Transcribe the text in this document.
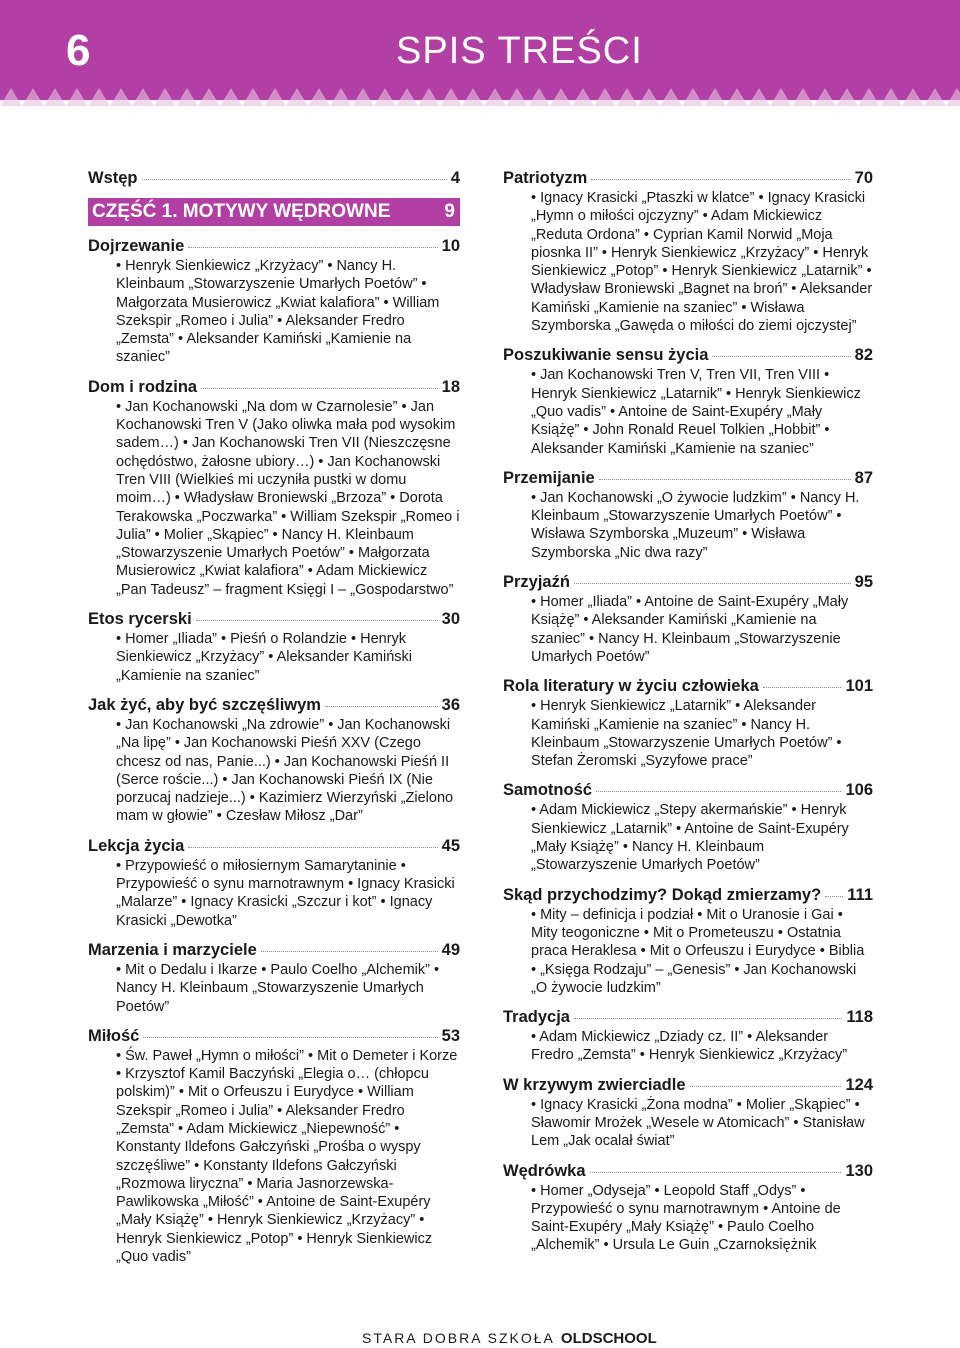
6	SPIS TREŚCI
Wstęp	4
CZĘŚĆ 1. MOTYWY WĘDROWNE	9
Dojrzewanie	10
• Henryk Sienkiewicz „Krzyżacy” • Nancy H. Kleinbaum „Stowarzyszenie Umarłych Poetów” • Małgorzata Musierowicz „Kwiat kalafiora” • William Szekspir „Romeo i Julia” • Aleksander Fredro „Zemsta” • Aleksander Kamiński „Kamienie na szaniec”
Dom i rodzina	18
• Jan Kochanowski „Na dom w Czarnolesie” • Jan Kochanowski Tren V (Jako oliwka mała pod wysokim sadem…) • Jan Kochanowski Tren VII (Nieszczęsne ochędóstwo, żałosne ubiory…) • Jan Kochanowski Tren VIII (Wielkieś mi uczyniła pustki w domu moim…) • Władysław Broniewski „Brzoza” • Dorota Terakowska „Poczwarka” • William Szekspir „Romeo i Julia” • Molier „Skąpiec” • Nancy H. Kleinbaum „Stowarzyszenie Umarłych Poetów” • Małgorzata Musierowicz „Kwiat kalafiora” • Adam Mickiewicz „Pan Tadeusz” – fragment Księgi I – „Gospodarstwo”
Etos rycerski	30
• Homer „Iliada” • Pieśń o Rolandzie • Henryk Sienkiewicz „Krzyżacy” • Aleksander Kamiński „Kamienie na szaniec”
Jak żyć, aby być szczęśliwym	36
• Jan Kochanowski „Na zdrowie” • Jan Kochanowski „Na lipę” • Jan Kochanowski Pieśń XXV (Czego chcesz od nas, Panie...) • Jan Kochanowski Pieśń II (Serce roście...) • Jan Kochanowski Pieśń IX (Nie porzucaj nadzieje...) • Kazimierz Wierzyński „Zielono mam w głowie” • Czesław Miłosz „Dar”
Lekcja życia	45
• Przypowieść o miłosiernym Samarytaninie • Przypowieść o synu marnotrawnym • Ignacy Krasicki „Malarze” • Ignacy Krasicki „Szczur i kot” • Ignacy Krasicki „Dewotka”
Marzenia i marzyciele	49
• Mit o Dedalu i Ikarze • Paulo Coelho „Alchemik” • Nancy H. Kleinbaum „Stowarzyszenie Umarłych Poetów”
Miłość	53
• Św. Paweł „Hymn o miłości” • Mit o Demeter i Korze • Krzysztof Kamil Baczyński „Elegia o… (chłopcu polskim)” • Mit o Orfeuszu i Eurydyce • William Szekspir „Romeo i Julia” • Aleksander Fredro „Zemsta” • Adam Mickiewicz „Niepewność” • Konstanty Ildefons Gałczyński „Prośba o wyspy szczęśliwe” • Konstanty Ildefons Gałczyński „Rozmowa liryczna” • Maria Jasnorzewska-Pawlikowska „Miłość” • Antoine de Saint-Exupéry „Mały Książę” • Henryk Sienkiewicz „Krzyżacy” • Henryk Sienkiewicz „Potop” • Henryk Sienkiewicz „Quo vadis”
Patriotyzm	70
• Ignacy Krasicki „Ptaszki w klatce” • Ignacy Krasicki „Hymn o miłości ojczyzny” • Adam Mickiewicz „Reduta Ordona” • Cyprian Kamil Norwid „Moja piosnka II” • Henryk Sienkiewicz „Krzyżacy” • Henryk Sienkiewicz „Potop” • Henryk Sienkiewicz „Latarnik” • Władysław Broniewski „Bagnet na broń” • Aleksander Kamiński „Kamienie na szaniec” • Wisława Szymborska „Gawęda o miłości do ziemi ojczystej”
Poszukiwanie sensu życia	82
• Jan Kochanowski Tren V, Tren VII, Tren VIII • Henryk Sienkiewicz „Latarnik” • Henryk Sienkiewicz „Quo vadis” • Antoine de Saint-Exupéry „Mały Książę” • John Ronald Reuel Tolkien „Hobbit” • Aleksander Kamiński „Kamienie na szaniec”
Przemijanie	87
• Jan Kochanowski „O żywocie ludzkim” • Nancy H. Kleinbaum „Stowarzyszenie Umarłych Poetów” • Wisława Szymborska „Muzeum” • Wisława Szymborska „Nic dwa razy”
Przyjaźń	95
• Homer „Iliada” • Antoine de Saint-Exupéry „Mały Książę” • Aleksander Kamiński „Kamienie na szaniec” • Nancy H. Kleinbaum „Stowarzyszenie Umarłych Poetów”
Rola literatury w życiu człowieka	101
• Henryk Sienkiewicz „Latarnik” • Aleksander Kamiński „Kamienie na szaniec” • Nancy H. Kleinbaum „Stowarzyszenie Umarłych Poetów” • Stefan Żeromski „Syzyfowe prace”
Samotność	106
• Adam Mickiewicz „Stepy akermańskie” • Henryk Sienkiewicz „Latarnik” • Antoine de Saint-Exupéry „Mały Książę” • Nancy H. Kleinbaum „Stowarzyszenie Umarłych Poetów”
Skąd przychodzimy? Dokąd zmierzamy? 111
• Mity – definicja i podział • Mit o Uranosie i Gai • Mity teogoniczne • Mit o Prometeuszu • Ostatnia praca Heraklesa • Mit o Orfeuszu i Eurydyce • Biblia • „Księga Rodzaju” – „Genesis” • Jan Kochanowski „O żywocie ludzkim”
Tradycja	118
• Adam Mickiewicz „Dziady cz. II” • Aleksander Fredro „Zemsta” • Henryk Sienkiewicz „Krzyżacy”
W krzywym zwierciadle	124
• Ignacy Krasicki „Żona modna” • Molier „Skąpiec” • Sławomir Mrożek „Wesele w Atomicach” • Stanisław Lem „Jak ocalał świat”
Wędrówka	130
• Homer „Odyseja” • Leopold Staff „Odys” • Przypowieść o synu marnotrawnym • Antoine de Saint-Exupéry „Mały Książę” • Paulo Coelho „Alchemik” • Ursula Le Guin „Czarnoksiężnik
STARA DOBRA SZKOŁA OLDSCHOOL
